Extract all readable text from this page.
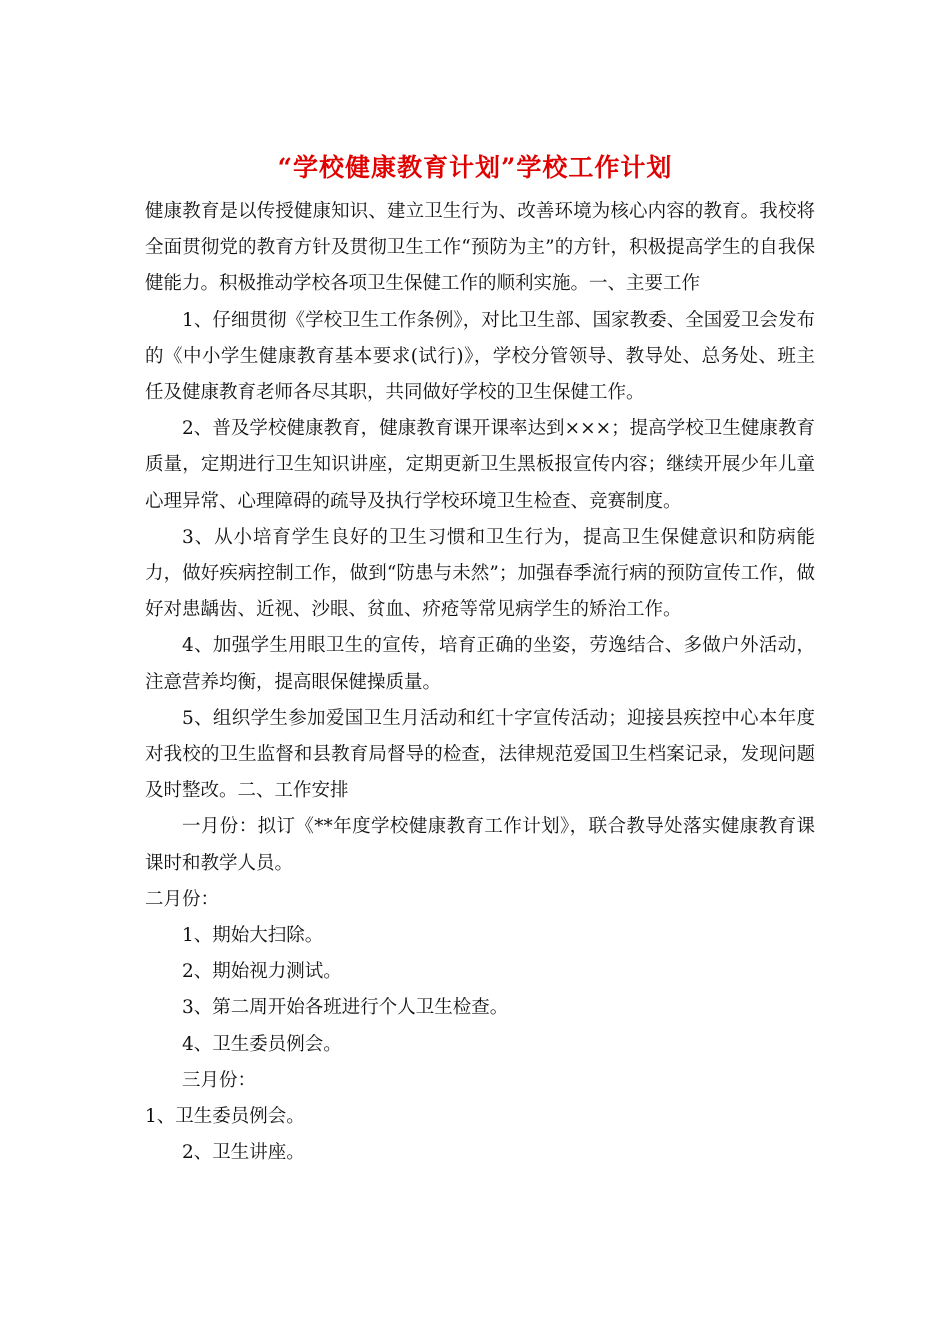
“学校健康教育计划”学校工作计划

健康教育是以传授健康知识、建立卫生行为、改善环境为核心内容的教育。我校将全面贯彻党的教育方针及贯彻卫生工作“预防为主”的方针，积极提高学生的自我保健能力。积极推动学校各项卫生保健工作的顺利实施。一、主要工作

1、仔细贯彻《学校卫生工作条例》，对比卫生部、国家教委、全国爱卫会发布的《中小学生健康教育基本要求(试行)》，学校分管领导、教导处、总务处、班主任及健康教育老师各尽其职，共同做好学校的卫生保健工作。

2、普及学校健康教育，健康教育课开课率达到×××；提高学校卫生健康教育质量，定期进行卫生知识讲座，定期更新卫生黑板报宣传内容；继续开展少年儿童心理异常、心理障碍的疏导及执行学校环境卫生检查、竞赛制度。

3、从小培育学生良好的卫生习惯和卫生行为，提高卫生保健意识和防病能力，做好疾病控制工作，做到“防患与未然”；加强春季流行病的预防宣传工作，做好对患龋齿、近视、沙眼、贫血、疥疮等常见病学生的矫治工作。

4、加强学生用眼卫生的宣传，培育正确的坐姿，劳逸结合、多做户外活动，注意营养均衡，提高眼保健操质量。

5、组织学生参加爱国卫生月活动和红十字宣传活动；迎接县疾控中心本年度对我校的卫生监督和县教育局督导的检查，法律规范爱国卫生档案记录，发现问题及时整改。二、工作安排

一月份：拟订《**年度学校健康教育工作计划》，联合教导处落实健康教育课课时和教学人员。

二月份：

1、期始大扫除。

2、期始视力测试。

3、第二周开始各班进行个人卫生检查。

4、卫生委员例会。

三月份：

1、卫生委员例会。

2、卫生讲座。
